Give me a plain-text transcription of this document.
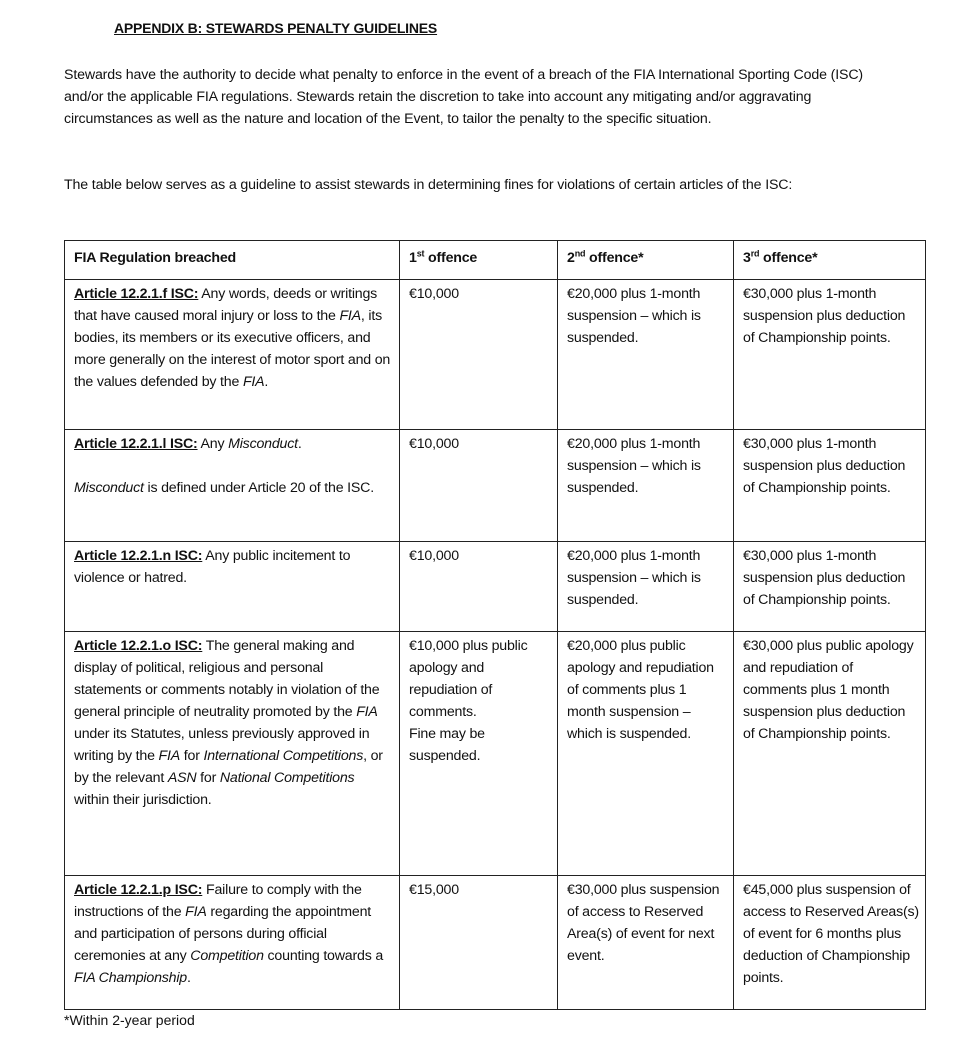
APPENDIX B: STEWARDS PENALTY GUIDELINES

Stewards have the authority to decide what penalty to enforce in the event of a breach of the FIA International Sporting Code (ISC) and/or the applicable FIA regulations. Stewards retain the discretion to take into account any mitigating and/or aggravating circumstances as well as the nature and location of the Event, to tailor the penalty to the specific situation.

The table below serves as a guideline to assist stewards in determining fines for violations of certain articles of the ISC:

FIA Regulation breached	1st offence	2nd offence*	3rd offence*
Article 12.2.1.f ISC: Any words, deeds or writings that have caused moral injury or loss to the FIA, its bodies, its members or its executive officers, and more generally on the interest of motor sport and on the values defended by the FIA.	€10,000	€20,000 plus 1-month suspension – which is suspended.	€30,000 plus 1-month suspension plus deduction of Championship points.
Article 12.2.1.l ISC: Any Misconduct.
Misconduct is defined under Article 20 of the ISC.	€10,000	€20,000 plus 1-month suspension – which is suspended.	€30,000 plus 1-month suspension plus deduction of Championship points.
Article 12.2.1.n ISC: Any public incitement to violence or hatred.	€10,000	€20,000 plus 1-month suspension – which is suspended.	€30,000 plus 1-month suspension plus deduction of Championship points.
Article 12.2.1.o ISC: The general making and display of political, religious and personal statements or comments notably in violation of the general principle of neutrality promoted by the FIA under its Statutes, unless previously approved in writing by the FIA for International Competitions, or by the relevant ASN for National Competitions within their jurisdiction.	€10,000 plus public apology and repudiation of comments.
Fine may be suspended.	€20,000 plus public apology and repudiation of comments plus 1 month suspension – which is suspended.	€30,000 plus public apology and repudiation of comments plus 1 month suspension plus deduction of Championship points.
Article 12.2.1.p ISC: Failure to comply with the instructions of the FIA regarding the appointment and participation of persons during official ceremonies at any Competition counting towards a FIA Championship.	€15,000	€30,000 plus suspension of access to Reserved Area(s) of event for next event.	€45,000 plus suspension of access to Reserved Areas(s) of event for 6 months plus deduction of Championship points.
*Within 2-year period
